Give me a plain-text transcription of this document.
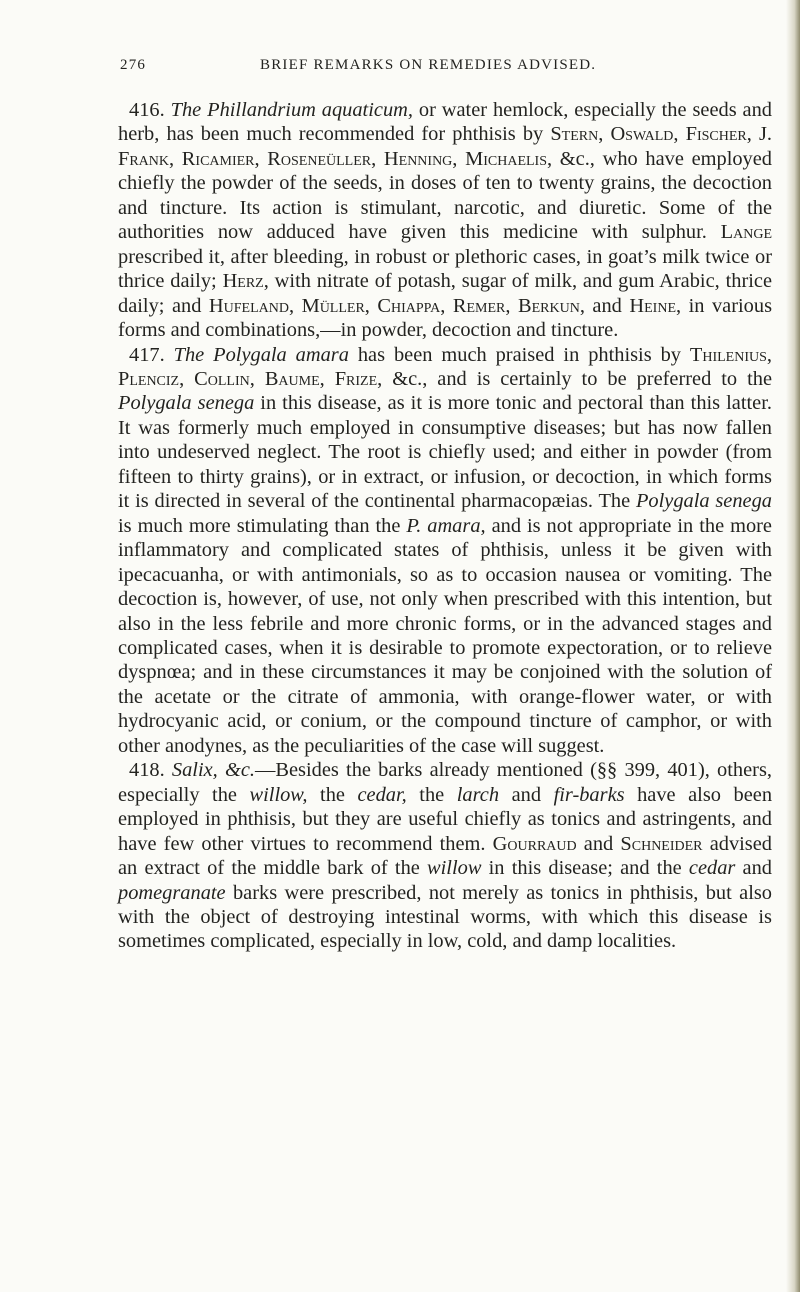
276	BRIEF REMARKS ON REMEDIES ADVISED.

416. The Phillandrium aquaticum, or water hemlock, especially the seeds and herb, has been much recommended for phthisis by Stern, Oswald, Fischer, J. Frank, Ricamier, Roseneüller, Henning, Michaelis, &c., who have employed chiefly the powder of the seeds, in doses of ten to twenty grains, the decoction and tincture. Its action is stimulant, narcotic, and diuretic. Some of the authorities now adduced have given this medicine with sulphur. Lange prescribed it, after bleeding, in robust or plethoric cases, in goat’s milk twice or thrice daily; Herz, with nitrate of potash, sugar of milk, and gum Arabic, thrice daily; and Hufeland, Müller, Chiappa, Remer, Berkun, and Heine, in various forms and combinations,—in powder, decoction and tincture.

417. The Polygala amara has been much praised in phthisis by Thilenius, Plenciz, Collin, Baume, Frize, &c., and is certainly to be preferred to the Polygala senega in this disease, as it is more tonic and pectoral than this latter. It was formerly much employed in consumptive diseases; but has now fallen into undeserved neglect. The root is chiefly used; and either in powder (from fifteen to thirty grains), or in extract, or infusion, or decoction, in which forms it is directed in several of the continental pharmacopæias. The Polygala senega is much more stimulating than the P. amara, and is not appropriate in the more inflammatory and complicated states of phthisis, unless it be given with ipecacuanha, or with antimonials, so as to occasion nausea or vomiting. The decoction is, however, of use, not only when prescribed with this intention, but also in the less febrile and more chronic forms, or in the advanced stages and complicated cases, when it is desirable to promote expectoration, or to relieve dyspnœa; and in these circumstances it may be conjoined with the solution of the acetate or the citrate of ammonia, with orange-flower water, or with hydrocyanic acid, or conium, or the compound tincture of camphor, or with other anodynes, as the peculiarities of the case will suggest.

418. Salix, &c.—Besides the barks already mentioned (§§ 399, 401), others, especially the willow, the cedar, the larch and fir-barks have also been employed in phthisis, but they are useful chiefly as tonics and astringents, and have few other virtues to recommend them. Gourraud and Schneider advised an extract of the middle bark of the willow in this disease; and the cedar and pomegranate barks were prescribed, not merely as tonics in phthisis, but also with the object of destroying intestinal worms, with which this disease is sometimes complicated, especially in low, cold, and damp localities.
